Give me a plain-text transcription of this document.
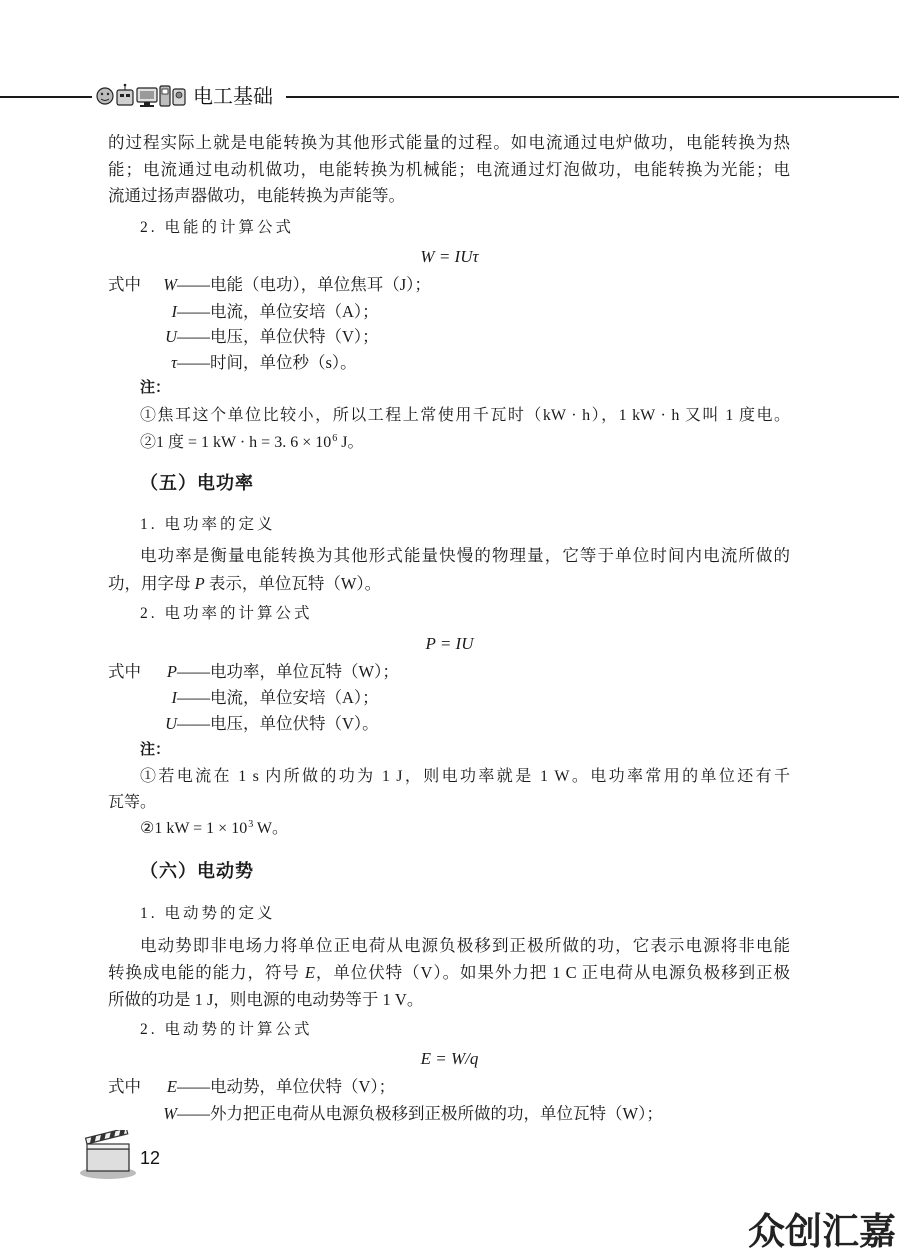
电工基础
的过程实际上就是电能转换为其他形式能量的过程。如电流通过电炉做功，电能转换为热
能；电流通过电动机做功，电能转换为机械能；电流通过灯泡做功，电能转换为光能；电
流通过扬声器做功，电能转换为声能等。
2. 电能的计算公式
W = IUτ
式中 W——电能（电功），单位焦耳（J）；
I——电流，单位安培（A）；
U——电压，单位伏特（V）；
τ——时间，单位秒（s）。
注：
①焦耳这个单位比较小，所以工程上常使用千瓦时（kW · h），1 kW · h 又叫 1 度电。
②1 度 = 1 kW · h = 3. $6 \times 10^6$ J。
（五）电功率
1. 电功率的定义
电功率是衡量电能转换为其他形式能量快慢的物理量，它等于单位时间内电流所做的
功，用字母 P 表示，单位瓦特（W）。
2. 电功率的计算公式
P = IU
式中 P——电功率，单位瓦特（W）；
I——电流，单位安培（A）；
U——电压，单位伏特（V）。
注：
①若电流在 1 s 内所做的功为 1 J，则电功率就是 1 W。电功率常用的单位还有千
瓦等。
②1 kW = $1 \times 10^3$ W。
（六）电动势
1. 电动势的定义
电动势即非电场力将单位正电荷从电源负极移到正极所做的功，它表示电源将非电能
转换成电能的能力，符号 E，单位伏特（V）。如果外力把 1 C 正电荷从电源负极移到正极
所做的功是 1 J，则电源的电动势等于 1 V。
2. 电动势的计算公式
E = W/q
式中 E——电动势，单位伏特（V）；
W——外力把正电荷从电源负极移到正极所做的功，单位瓦特（W）；
12
众创汇嘉
